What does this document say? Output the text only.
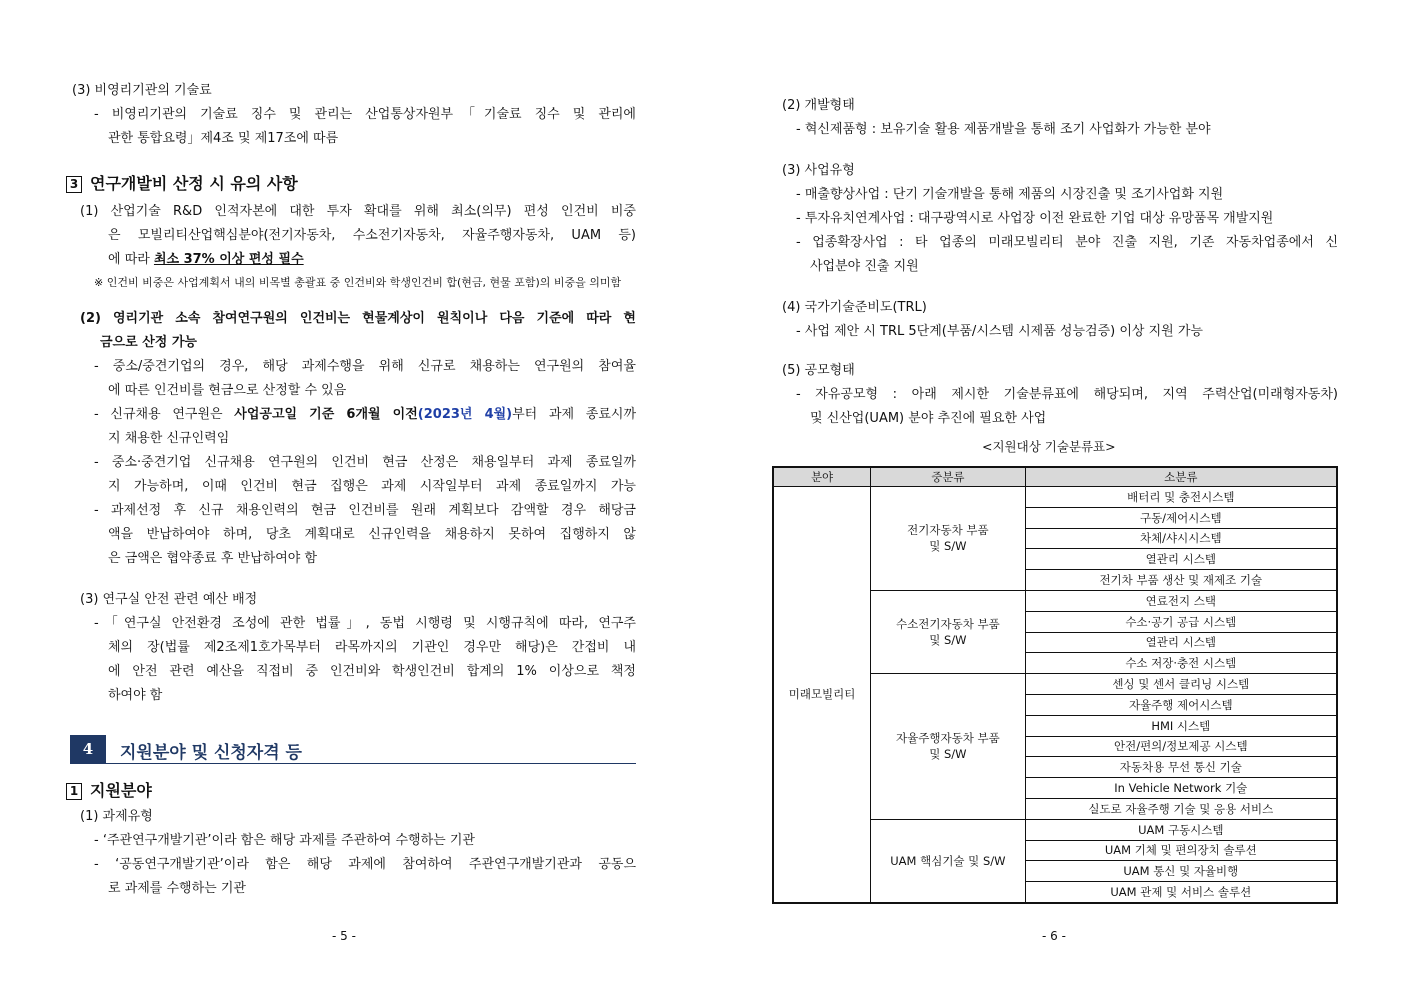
(3) 비영리기관의 기술료
- 비영리기관의 기술료 징수 및 관리는 산업통상자원부「기술료 징수 및 관리에
관한 통합요령」제4조 및 제17조에 따름
3 연구개발비 산정 시 유의 사항
(1) 산업기술 R&D 인적자본에 대한 투자 확대를 위해 최소(의무) 편성 인건비 비중
은 모빌리티산업핵심분야(전기자동차, 수소전기자동차, 자율주행자동차, UAM 등)
에 따라 최소 37% 이상 편성 필수
※ 인건비 비중은 사업계획서 내의 비목별 총괄표 중 인건비와 학생인건비 합(현금, 현물 포함)의 비중을 의미함
(2) 영리기관 소속 참여연구원의 인건비는 현물계상이 원칙이나 다음 기준에 따라 현
금으로 산정 가능
- 중소/중견기업의 경우, 해당 과제수행을 위해 신규로 채용하는 연구원의 참여율
에 따른 인건비를 현금으로 산정할 수 있음
- 신규채용 연구원은 사업공고일 기준 6개월 이전(2023년 4월)부터 과제 종료시까
지 채용한 신규인력임
- 중소·중견기업 신규채용 연구원의 인건비 현금 산정은 채용일부터 과제 종료일까
지 가능하며, 이때 인건비 현금 집행은 과제 시작일부터 과제 종료일까지 가능
- 과제선정 후 신규 채용인력의 현금 인건비를 원래 계획보다 감액할 경우 해당금
액을 반납하여야 하며, 당초 계획대로 신규인력을 채용하지 못하여 집행하지 않
은 금액은 협약종료 후 반납하여야 함
(3) 연구실 안전 관련 예산 배정
-「연구실 안전환경 조성에 관한 법률」, 동법 시행령 및 시행규칙에 따라, 연구주
체의 장(법률 제2조제1호가목부터 라목까지의 기관인 경우만 해당)은 간접비 내
에 안전 관련 예산을 직접비 중 인건비와 학생인건비 합계의 1% 이상으로 책정
하여야 함
4	지원분야 및 신청자격 등
1 지원분야
(1) 과제유형
- ‘주관연구개발기관’이라 함은 해당 과제를 주관하여 수행하는 기관
- ‘공동연구개발기관’이라 함은 해당 과제에 참여하여 주관연구개발기관과 공동으
로 과제를 수행하는 기관
- 5 -
(2) 개발형태
- 혁신제품형 : 보유기술 활용 제품개발을 통해 조기 사업화가 가능한 분야
(3) 사업유형
- 매출향상사업 : 단기 기술개발을 통해 제품의 시장진출 및 조기사업화 지원
- 투자유치연계사업 : 대구광역시로 사업장 이전 완료한 기업 대상 유망품목 개발지원
- 업종확장사업 : 타 업종의 미래모빌리티 분야 진출 지원, 기존 자동차업종에서 신
사업분야 진출 지원
(4) 국가기술준비도(TRL)
- 사업 제안 시 TRL 5단계(부품/시스템 시제품 성능검증) 이상 지원 가능
(5) 공모형태
- 자유공모형 : 아래 제시한 기술분류표에 해당되며, 지역 주력산업(미래형자동차)
및 신산업(UAM) 분야 추진에 필요한 사업
<지원대상 기술분류표>
분야	중분류	소분류
미래모빌리티	전기자동차 부품
및 S/W	배터리 및 충전시스템
		구동/제어시스템
		차체/샤시시스템
		열관리 시스템
		전기차 부품 생산 및 재제조 기술

	수소전기자동차 부품
및 S/W	연료전지 스택
		수소·공기 공급 시스템
		열관리 시스템
		수소 저장·충전 시스템

	자율주행자동차 부품
및 S/W	센싱 및 센서 클리닝 시스템
		자율주행 제어시스템
		HMI 시스템
		안전/편의/정보제공 시스템
		자동차용 무선 통신 기술
		In Vehicle Network 기술
		실도로 자율주행 기술 및 응용 서비스

	UAM 핵심기술 및 S/W	UAM 구동시스템
		UAM 기체 및 편의장치 솔루션
		UAM 통신 및 자율비행
		UAM 관제 및 서비스 솔루션
- 6 -
